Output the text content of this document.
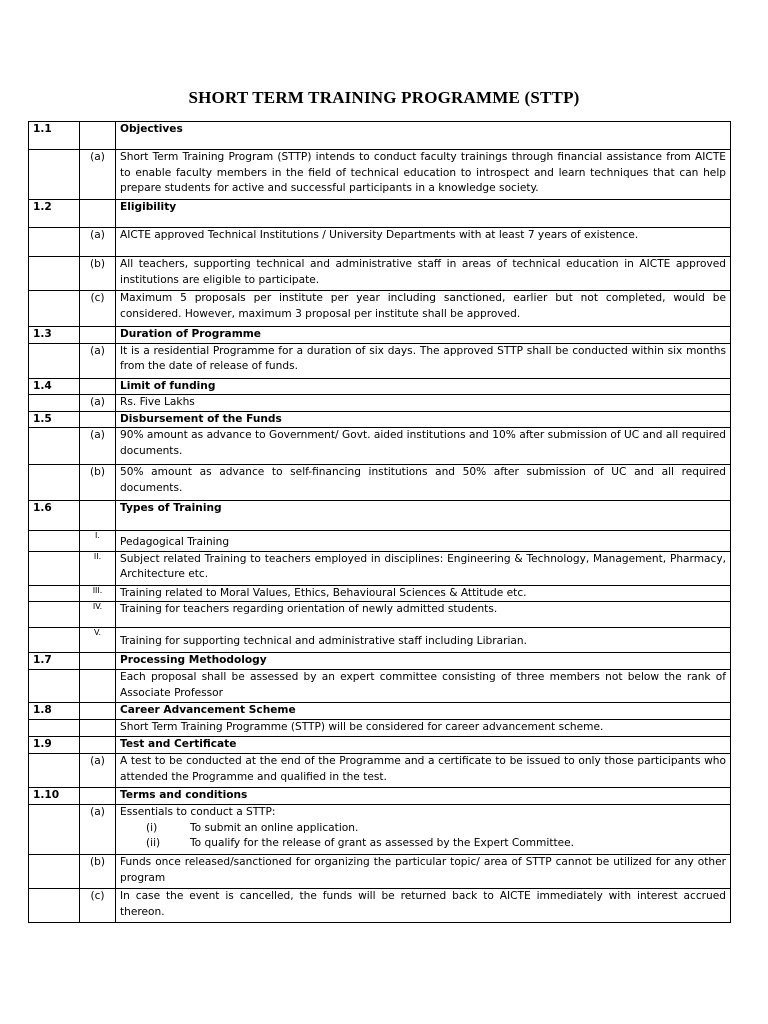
SHORT TERM TRAINING PROGRAMME (STTP)
1.1		Objectives
	(a)	Short Term Training Program (STTP) intends to conduct faculty trainings through financial assistance from AICTE to enable faculty members in the field of technical education to introspect and learn techniques that can help prepare students for active and successful participants in a knowledge society.
1.2		Eligibility
	(a)	AICTE approved Technical Institutions / University Departments with at least 7 years of existence.
	(b)	All teachers, supporting technical and administrative staff in areas of technical education in AICTE approved institutions are eligible to participate.
	(c)	Maximum 5 proposals per institute per year including sanctioned, earlier but not completed, would be considered. However, maximum 3 proposal per institute shall be approved.
1.3		Duration of Programme
	(a)	It is a residential Programme for a duration of six days. The approved STTP shall be conducted within six months from the date of release of funds.
1.4		Limit of funding
	(a)	Rs. Five Lakhs
1.5		Disbursement of the Funds
	(a)	90% amount as advance to Government/ Govt. aided institutions and 10% after submission of UC and all required documents.
	(b)	50% amount as advance to self-financing institutions and 50% after submission of UC and all required documents.
1.6		Types of Training
	I.	Pedagogical Training
	II.	Subject related Training to teachers employed in disciplines: Engineering & Technology, Management, Pharmacy, Architecture etc.
	III.	Training related to Moral Values, Ethics, Behavioural Sciences & Attitude etc.
	IV.	Training for teachers regarding orientation of newly admitted students.
	V.	Training for supporting technical and administrative staff including Librarian.
1.7		Processing Methodology
		Each proposal shall be assessed by an expert committee consisting of three members not below the rank of Associate Professor
1.8		Career Advancement Scheme
		Short Term Training Programme (STTP) will be considered for career advancement scheme.
1.9		Test and Certificate
	(a)	A test to be conducted at the end of the Programme and a certificate to be issued to only those participants who attended the Programme and qualified in the test.
1.10		Terms and conditions
	(a)	Essentials to conduct a STTP:
(i) To submit an online application.
(ii) To qualify for the release of grant as assessed by the Expert Committee.

	(b)	Funds once released/sanctioned for organizing the particular topic/ area of STTP cannot be utilized for any other program
	(c)	In case the event is cancelled, the funds will be returned back to AICTE immediately with interest accrued thereon.
